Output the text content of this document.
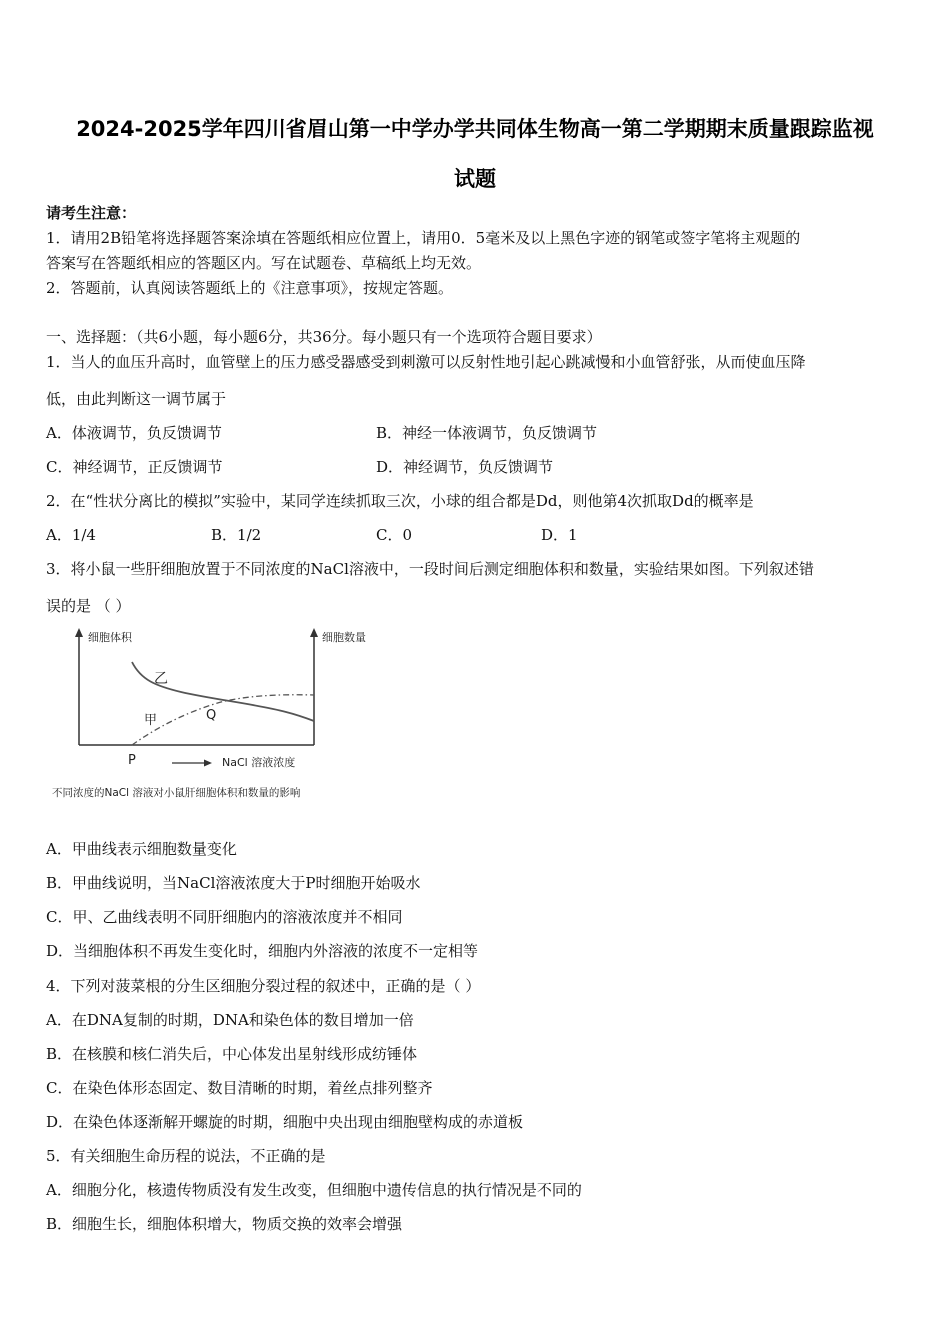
2024-2025学年四川省眉山第一中学办学共同体生物高一第二学期期末质量跟踪监视
试题
请考生注意：
1．请用2B铅笔将选择题答案涂填在答题纸相应位置上，请用0．5毫米及以上黑色字迹的钢笔或签字笔将主观题的
答案写在答题纸相应的答题区内。写在试题卷、草稿纸上均无效。
2．答题前，认真阅读答题纸上的《注意事项》，按规定答题。
一、选择题：（共6小题，每小题6分，共36分。每小题只有一个选项符合题目要求）
1．当人的血压升高时，血管壁上的压力感受器感受到刺激可以反射性地引起心跳减慢和小血管舒张，从而使血压降
低，由此判断这一调节属于
A．体液调节，负反馈调节	B．神经一体液调节，负反馈调节
C．神经调节，正反馈调节	D．神经调节，负反馈调节
2．在“性状分离比的模拟”实验中，某同学连续抓取三次，小球的组合都是Dd，则他第4次抓取Dd的概率是
A．1/4	B．1/2	C．0	D．1
3．将小鼠一些肝细胞放置于不同浓度的NaCl溶液中，一段时间后测定细胞体积和数量，实验结果如图。下列叙述错
误的是 （ ）
细胞体积	细胞数量
乙
甲	Q
P	NaCl 溶液浓度
不同浓度的NaCl 溶液对小鼠肝细胞体积和数量的影响
A．甲曲线表示细胞数量变化
B．甲曲线说明，当NaCl溶液浓度大于P时细胞开始吸水
C．甲、乙曲线表明不同肝细胞内的溶液浓度并不相同
D．当细胞体积不再发生变化时，细胞内外溶液的浓度不一定相等
4．下列对菠菜根的分生区细胞分裂过程的叙述中，正确的是（ ）
A．在DNA复制的时期，DNA和染色体的数目增加一倍
B．在核膜和核仁消失后，中心体发出星射线形成纺锤体
C．在染色体形态固定、数目清晰的时期，着丝点排列整齐
D．在染色体逐渐解开螺旋的时期，细胞中央出现由细胞壁构成的赤道板
5．有关细胞生命历程的说法，不正确的是
A．细胞分化，核遗传物质没有发生改变，但细胞中遗传信息的执行情况是不同的
B．细胞生长，细胞体积增大，物质交换的效率会增强
